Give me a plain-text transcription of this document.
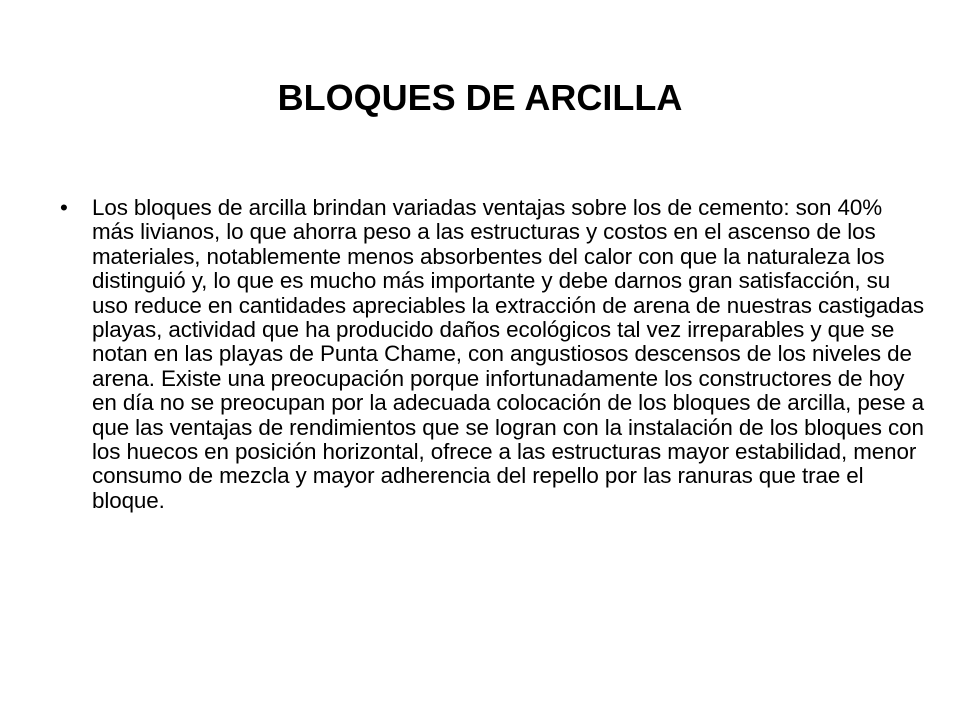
BLOQUES DE ARCILLA
•	Los bloques de arcilla brindan variadas ventajas sobre los de cemento: son 40% más livianos, lo que ahorra peso a las estructuras y costos en el ascenso de los materiales, notablemente menos absorbentes del calor con que la naturaleza los distinguió y, lo que es mucho más importante y debe darnos gran satisfacción, su uso reduce en cantidades apreciables la extracción de arena de nuestras castigadas playas, actividad que ha producido daños ecológicos tal vez irreparables y que se notan en las playas de Punta Chame, con angustiosos descensos de los niveles de arena. Existe una preocupación porque infortunadamente los constructores de hoy en día no se preocupan por la adecuada colocación de los bloques de arcilla, pese a que las ventajas de rendimientos que se logran con la instalación de los bloques con los huecos en posición horizontal, ofrece a las estructuras mayor estabilidad, menor consumo de mezcla y mayor adherencia del repello por las ranuras que trae el bloque.
